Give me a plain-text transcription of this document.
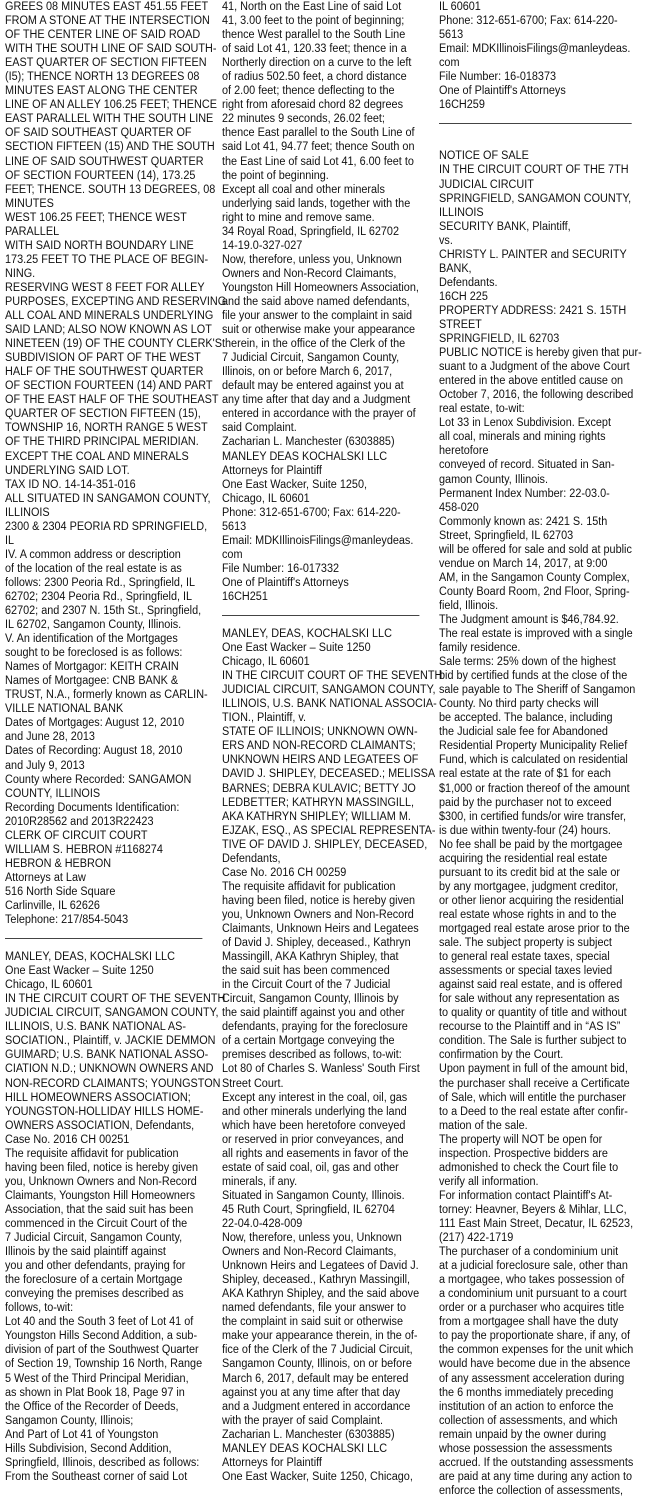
GREES 08 MINUTES EAST 451.55 FEET
FROM A STONE AT THE INTERSECTION
OF THE CENTER LINE OF SAID ROAD
WITH THE SOUTH LINE OF SAID SOUTH-
EAST QUARTER OF SECTION FIFTEEN
(I5); THENCE NORTH 13 DEGREES 08
MINUTES EAST ALONG THE CENTER
LINE OF AN ALLEY 106.25 FEET; THENCE
EAST PARALLEL WITH THE SOUTH LINE
OF SAID SOUTHEAST QUARTER OF
SECTION FIFTEEN (15) AND THE SOUTH
LINE OF SAID SOUTHWEST QUARTER
OF SECTION FOURTEEN (14), 173.25
FEET; THENCE. SOUTH 13 DEGREES, 08
MINUTES
WEST 106.25 FEET; THENCE WEST
PARALLEL
WITH SAID NORTH BOUNDARY LINE
173.25 FEET TO THE PLACE OF BEGIN-
NING.
RESERVING WEST 8 FEET FOR ALLEY
PURPOSES, EXCEPTING AND RESERVING
ALL COAL AND MINERALS UNDERLYING
SAID LAND; ALSO NOW KNOWN AS LOT
NINETEEN (19) OF THE COUNTY CLERK'S
SUBDIVISION OF PART OF THE WEST
HALF OF THE SOUTHWEST QUARTER
OF SECTION FOURTEEN (14) AND PART
OF THE EAST HALF OF THE SOUTHEAST
QUARTER OF SECTION FIFTEEN (15),
TOWNSHIP 16, NORTH RANGE 5 WEST
OF THE THIRD PRINCIPAL MERIDIAN.
EXCEPT THE COAL AND MINERALS
UNDERLYING SAID LOT.
TAX ID NO. 14-14-351-016
ALL SITUATED IN SANGAMON COUNTY,
ILLINOIS
2300 & 2304 PEORIA RD SPRINGFIELD,
IL
IV. A common address or description
of the location of the real estate is as
follows: 2300 Peoria Rd., Springfield, IL
62702; 2304 Peoria Rd., Springfield, IL
62702; and 2307 N. 15th St., Springfield,
IL 62702, Sangamon County, Illinois.
V. An identification of the Mortgages
sought to be foreclosed is as follows:
Names of Mortgagor: KEITH CRAIN
Names of Mortgagee: CNB BANK &
TRUST, N.A., formerly known as CARLIN-
VILLE NATIONAL BANK
Dates of Mortgages: August 12, 2010
and June 28, 2013
Dates of Recording: August 18, 2010
and July 9, 2013
County where Recorded: SANGAMON
COUNTY, ILLINOIS
Recording Documents Identification:
2010R28562 and 2013R22423
CLERK OF CIRCUIT COURT
WILLIAM S. HEBRON #1168274
HEBRON & HEBRON
Attorneys at Law
516 North Side Square
Carlinville, IL 62626
Telephone: 217/854-5043
MANLEY, DEAS, KOCHALSKI LLC
One East Wacker – Suite 1250
Chicago, IL 60601
IN THE CIRCUIT COURT OF THE SEVENTH
JUDICIAL CIRCUIT, SANGAMON COUNTY,
ILLINOIS, U.S. BANK NATIONAL AS-
SOCIATION., Plaintiff, v. JACKIE DEMMON
GUIMARD; U.S. BANK NATIONAL ASSO-
CIATION N.D.; UNKNOWN OWNERS AND
NON-RECORD CLAIMANTS; YOUNGSTON
HILL HOMEOWNERS ASSOCIATION;
YOUNGSTON-HOLLIDAY HILLS HOME-
OWNERS ASSOCIATION, Defendants,
Case No. 2016 CH 00251
The requisite affidavit for publication
having been filed, notice is hereby given
you, Unknown Owners and Non-Record
Claimants, Youngston Hill Homeowners
Association, that the said suit has been
commenced in the Circuit Court of the
7 Judicial Circuit, Sangamon County,
Illinois by the said plaintiff against
you and other defendants, praying for
the foreclosure of a certain Mortgage
conveying the premises described as
follows, to-wit:
Lot 40 and the South 3 feet of Lot 41 of
Youngston Hills Second Addition, a sub-
division of part of the Southwest Quarter
of Section 19, Township 16 North, Range
5 West of the Third Principal Meridian,
as shown in Plat Book 18, Page 97 in
the Office of the Recorder of Deeds,
Sangamon County, Illinois;
And Part of Lot 41 of Youngston
Hills Subdivision, Second Addition,
Springfield, Illinois, described as follows:
From the Southeast corner of said Lot
41, North on the East Line of said Lot
41, 3.00 feet to the point of beginning;
thence West parallel to the South Line
of said Lot 41, 120.33 feet; thence in a
Northerly direction on a curve to the left
of radius 502.50 feet, a chord distance
of 2.00 feet; thence deflecting to the
right from aforesaid chord 82 degrees
22 minutes 9 seconds, 26.02 feet;
thence East parallel to the South Line of
said Lot 41, 94.77 feet; thence South on
the East Line of said Lot 41, 6.00 feet to
the point of beginning.
Except all coal and other minerals
underlying said lands, together with the
right to mine and remove same.
34 Royal Road, Springfield, IL 62702
14-19.0-327-027
Now, therefore, unless you, Unknown
Owners and Non-Record Claimants,
Youngston Hill Homeowners Association,
and the said above named defendants,
file your answer to the complaint in said
suit or otherwise make your appearance
therein, in the office of the Clerk of the
7 Judicial Circuit, Sangamon County,
Illinois, on or before March 6, 2017,
default may be entered against you at
any time after that day and a Judgment
entered in accordance with the prayer of
said Complaint.
Zacharian L. Manchester (6303885)
MANLEY DEAS KOCHALSKI LLC
Attorneys for Plaintiff
One East Wacker, Suite 1250,
Chicago, IL 60601
Phone: 312-651-6700; Fax: 614-220-
5613
Email: MDKIllinoisFilings@manleydeas.
com
File Number: 16-017332
One of Plaintiff's Attorneys
16CH251
MANLEY, DEAS, KOCHALSKI LLC
One East Wacker – Suite 1250
Chicago, IL 60601
IN THE CIRCUIT COURT OF THE SEVENTH
JUDICIAL CIRCUIT, SANGAMON COUNTY,
ILLINOIS, U.S. BANK NATIONAL ASSOCIA-
TION., Plaintiff, v.
STATE OF ILLINOIS; UNKNOWN OWN-
ERS AND NON-RECORD CLAIMANTS;
UNKNOWN HEIRS AND LEGATEES OF
DAVID J. SHIPLEY, DECEASED.; MELISSA
BARNES; DEBRA KULAVIC; BETTY JO
LEDBETTER; KATHRYN MASSINGILL,
AKA KATHRYN SHIPLEY; WILLIAM M.
EJZAK, ESQ., AS SPECIAL REPRESENTA-
TIVE OF DAVID J. SHIPLEY, DECEASED,
Defendants,
Case No. 2016 CH 00259
The requisite affidavit for publication
having been filed, notice is hereby given
you, Unknown Owners and Non-Record
Claimants, Unknown Heirs and Legatees
of David J. Shipley, deceased., Kathryn
Massingill, AKA Kathryn Shipley, that
the said suit has been commenced
in the Circuit Court of the 7 Judicial
Circuit, Sangamon County, Illinois by
the said plaintiff against you and other
defendants, praying for the foreclosure
of a certain Mortgage conveying the
premises described as follows, to-wit:
Lot 80 of Charles S. Wanless' South First
Street Court.
Except any interest in the coal, oil, gas
and other minerals underlying the land
which have been heretofore conveyed
or reserved in prior conveyances, and
all rights and easements in favor of the
estate of said coal, oil, gas and other
minerals, if any.
Situated in Sangamon County, Illinois.
45 Ruth Court, Springfield, IL 62704
22-04.0-428-009
Now, therefore, unless you, Unknown
Owners and Non-Record Claimants,
Unknown Heirs and Legatees of David J.
Shipley, deceased., Kathryn Massingill,
AKA Kathryn Shipley, and the said above
named defendants, file your answer to
the complaint in said suit or otherwise
make your appearance therein, in the of-
fice of the Clerk of the 7 Judicial Circuit,
Sangamon County, Illinois, on or before
March 6, 2017, default may be entered
against you at any time after that day
and a Judgment entered in accordance
with the prayer of said Complaint.
Zacharian L. Manchester (6303885)
MANLEY DEAS KOCHALSKI LLC
Attorneys for Plaintiff
One East Wacker, Suite 1250, Chicago,
IL 60601
Phone: 312-651-6700; Fax: 614-220-
5613
Email: MDKIllinoisFilings@manleydeas.
com
File Number: 16-018373
One of Plaintiff's Attorneys
16CH259
NOTICE OF SALE
IN THE CIRCUIT COURT OF THE 7TH
JUDICIAL CIRCUIT
SPRINGFIELD, SANGAMON COUNTY,
ILLINOIS
SECURITY BANK, Plaintiff,
vs.
CHRISTY L. PAINTER and SECURITY
BANK,
Defendants.
16CH 225
PROPERTY ADDRESS: 2421 S. 15TH
STREET
SPRINGFIELD, IL 62703
PUBLIC NOTICE is hereby given that pur-
suant to a Judgment of the above Court
entered in the above entitled cause on
October 7, 2016, the following described
real estate, to-wit:
Lot 33 in Lenox Subdivision. Except
all coal, minerals and mining rights
heretofore
conveyed of record. Situated in San-
gamon County, Illinois.
Permanent Index Number: 22-03.0-
458-020
Commonly known as: 2421 S. 15th
Street, Springfield, IL 62703
will be offered for sale and sold at public
vendue on March 14, 2017, at 9:00
AM, in the Sangamon County Complex,
County Board Room, 2nd Floor, Spring-
field, Illinois.
The Judgment amount is $46,784.92.
The real estate is improved with a single
family residence.
Sale terms: 25% down of the highest
bid by certified funds at the close of the
sale payable to The Sheriff of Sangamon
County. No third party checks will
be accepted. The balance, including
the Judicial sale fee for Abandoned
Residential Property Municipality Relief
Fund, which is calculated on residential
real estate at the rate of $1 for each
$1,000 or fraction thereof of the amount
paid by the purchaser not to exceed
$300, in certified funds/or wire transfer,
is due within twenty-four (24) hours.
No fee shall be paid by the mortgagee
acquiring the residential real estate
pursuant to its credit bid at the sale or
by any mortgagee, judgment creditor,
or other lienor acquiring the residential
real estate whose rights in and to the
mortgaged real estate arose prior to the
sale. The subject property is subject
to general real estate taxes, special
assessments or special taxes levied
against said real estate, and is offered
for sale without any representation as
to quality or quantity of title and without
recourse to the Plaintiff and in “AS IS”
condition. The Sale is further subject to
confirmation by the Court.
Upon payment in full of the amount bid,
the purchaser shall receive a Certificate
of Sale, which will entitle the purchaser
to a Deed to the real estate after confir-
mation of the sale.
The property will NOT be open for
inspection. Prospective bidders are
admonished to check the Court file to
verify all information.
For information contact Plaintiff's At-
torney: Heavner, Beyers & Mihlar, LLC,
111 East Main Street, Decatur, IL 62523,
(217) 422-1719
The purchaser of a condominium unit
at a judicial foreclosure sale, other than
a mortgagee, who takes possession of
a condominium unit pursuant to a court
order or a purchaser who acquires title
from a mortgagee shall have the duty
to pay the proportionate share, if any, of
the common expenses for the unit which
would have become due in the absence
of any assessment acceleration during
the 6 months immediately preceding
institution of an action to enforce the
collection of assessments, and which
remain unpaid by the owner during
whose possession the assessments
accrued. If the outstanding assessments
are paid at any time during any action to
enforce the collection of assessments,
